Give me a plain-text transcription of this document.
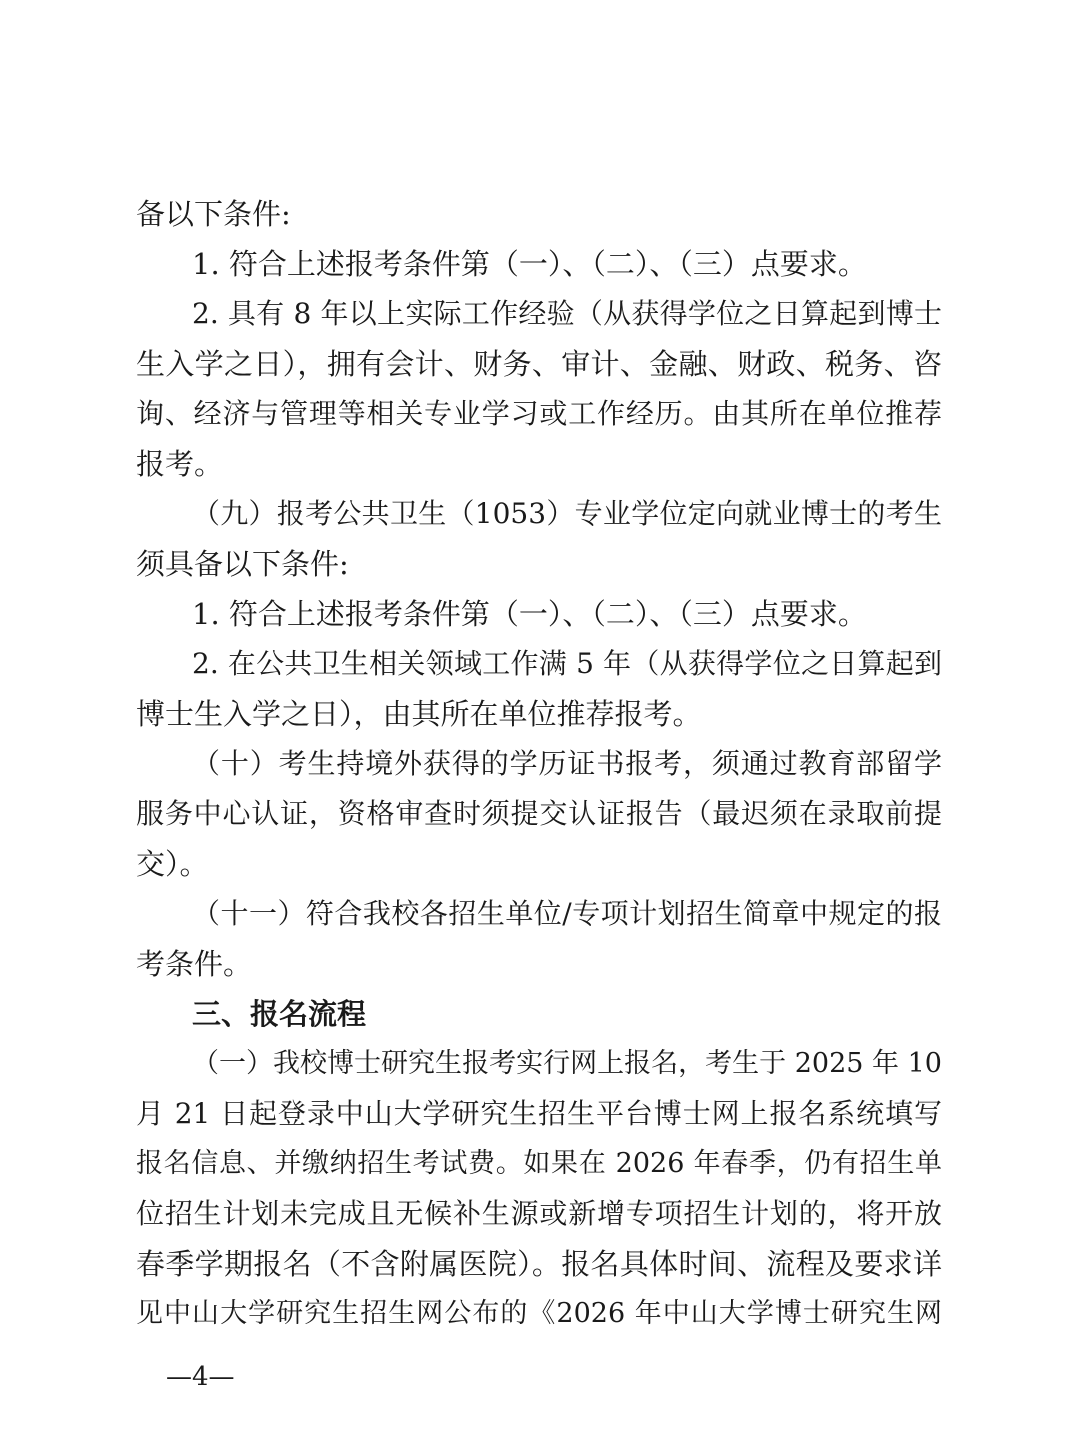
备以下条件:
1. 符合上述报考条件第（一）、（二）、（三）点要求。
2. 具有 8 年以上实际工作经验（从获得学位之日算起到博士
生入学之日），拥有会计、财务、审计、金融、财政、税务、咨
询、经济与管理等相关专业学习或工作经历。由其所在单位推荐
报考。
（九）报考公共卫生（1053）专业学位定向就业博士的考生
须具备以下条件:
1. 符合上述报考条件第（一）、（二）、（三）点要求。
2. 在公共卫生相关领域工作满 5 年（从获得学位之日算起到
博士生入学之日），由其所在单位推荐报考。
（十）考生持境外获得的学历证书报考，须通过教育部留学
服务中心认证，资格审查时须提交认证报告（最迟须在录取前提
交）。
（十一）符合我校各招生单位/专项计划招生简章中规定的报
考条件。
三、报名流程
（一）我校博士研究生报考实行网上报名，考生于 2025 年 10
月 21 日起登录中山大学研究生招生平台博士网上报名系统填写
报名信息、并缴纳招生考试费。如果在 2026 年春季，仍有招生单
位招生计划未完成且无候补生源或新增专项招生计划的，将开放
春季学期报名（不含附属医院）。报名具体时间、流程及要求详
见中山大学研究生招生网公布的《2026 年中山大学博士研究生网
—4—
